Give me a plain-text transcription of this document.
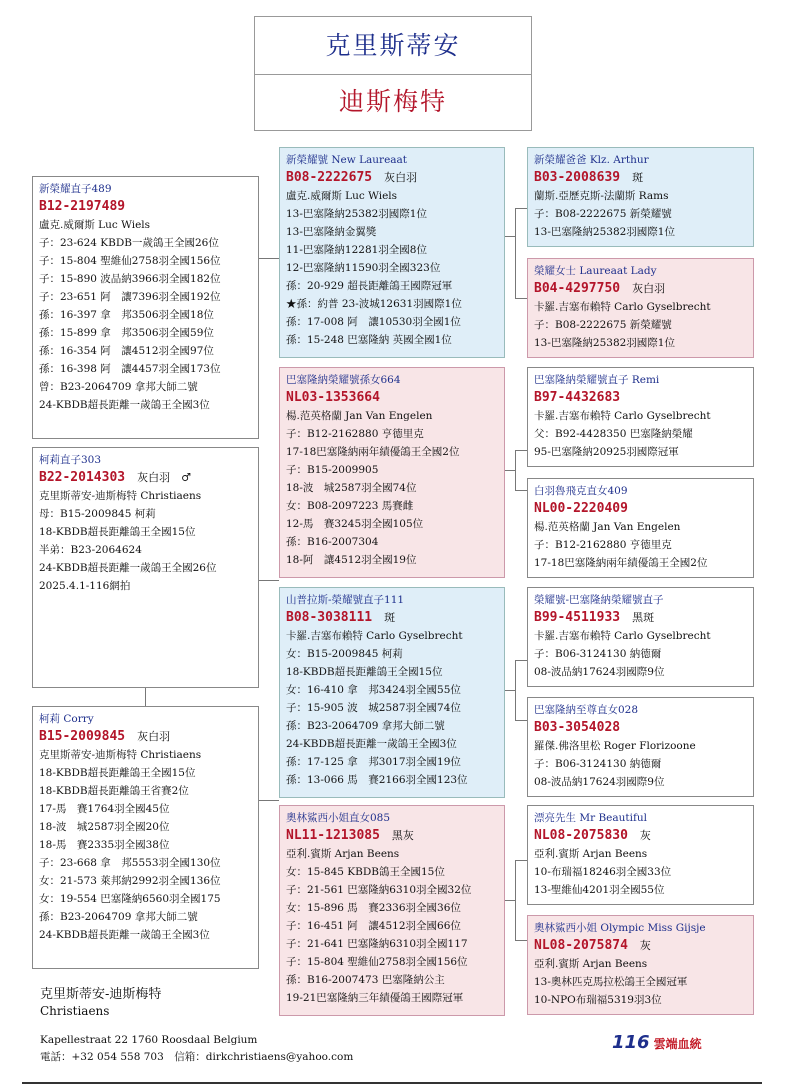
克里斯蒂安
迪斯梅特
新榮耀直子489
B12-2197489
盧克.威爾斯 Luc Wiels
子：23-624 KBDB一歲鴿王全國26位
子：15-804 聖維仙2758羽全國156位
子：15-890 波品納3966羽全國182位
子：23-651 阿　讓7396羽全國192位
孫：16-397 拿　邦3506羽全國18位
孫：15-899 拿　邦3506羽全國59位
孫：16-354 阿　讓4512羽全國97位
孫：16-398 阿　讓4457羽全國173位
曾：B23-2064709 拿邦大師二號
24-KBDB超長距離一歲鴿王全國3位
柯莉直子303
B22-2014303 灰白羽　♂
克里斯蒂安-迪斯梅特 Christiaens
母：B15-2009845 柯莉
18-KBDB超長距離鴿王全國15位
半弟：B23-2064624
24-KBDB超長距離一歲鴿王全國26位
2025.4.1-116網拍
柯莉 Corry
B15-2009845 灰白羽
克里斯蒂安-迪斯梅特 Christiaens
18-KBDB超長距離鴿王全國15位
18-KBDB超長距離鴿王省賽2位
17-馬　賽1764羽全國45位
18-波　城2587羽全國20位
18-馬　賽2335羽全國38位
子：23-668 拿　邦5553羽全國130位
女：21-573 萊邦納2992羽全國136位
女：19-554 巴塞隆納6560羽全國175
孫：B23-2064709 拿邦大師二號
24-KBDB超長距離一歲鴿王全國3位
新榮耀號 New Laureaat
B08-2222675 灰白羽
盧克.威爾斯 Luc Wiels
13-巴塞隆納25382羽國際1位
13-巴塞隆納金翼獎
11-巴塞隆納12281羽全國8位
12-巴塞隆納11590羽全國323位
孫：20-929 超長距離鴿王國際冠軍
★孫：約普 23-波城12631羽國際1位
孫：17-008 阿　讓10530羽全國1位
孫：15-248 巴塞隆納 英國全國1位
巴塞隆納榮耀號孫女664
NL03-1353664
楊.范英格蘭 Jan Van Engelen
子：B12-2162880 亨德里克
17-18巴塞隆納兩年績優鴿王全國2位
子：B15-2009905
18-波　城2587羽全國74位
女：B08-2097223 馬賽雌
12-馬　賽3245羽全國105位
孫：B16-2007304
18-阿　讓4512羽全國19位
山普拉斯-榮耀號直子111
B08-3038111 斑
卡羅.吉塞布賴特 Carlo Gyselbrecht
女：B15-2009845 柯莉
18-KBDB超長距離鴿王全國15位
女：16-410 拿　邦3424羽全國55位
子：15-905 波　城2587羽全國74位
孫：B23-2064709 拿邦大師二號
24-KBDB超長距離一歲鴿王全國3位
孫：17-125 拿　邦3017羽全國19位
孫：13-066 馬　賽2166羽全國123位
奧林鯊西小姐直女085
NL11-1213085 黑灰
亞利.賓斯 Arjan Beens
女：15-845 KBDB鴿王全國15位
子：21-561 巴塞隆納6310羽全國32位
女：15-896 馬　賽2336羽全國36位
子：16-451 阿　讓4512羽全國66位
子：21-641 巴塞隆納6310羽全國117
子：15-804 聖維仙2758羽全國156位
孫：B16-2007473 巴塞隆納公主
19-21巴塞隆納三年績優鴿王國際冠軍
新榮耀爸爸 Klz. Arthur
B03-2008639 斑
蘭斯.亞歷克斯-法蘭斯 Rams
子：B08-2222675 新榮耀號
13-巴塞隆納25382羽國際1位
榮耀女士 Laureaat Lady
B04-4297750 灰白羽
卡羅.吉塞布賴特 Carlo Gyselbrecht
子：B08-2222675 新榮耀號
13-巴塞隆納25382羽國際1位
巴塞隆納榮耀號直子 Remi
B97-4432683
卡羅.吉塞布賴特 Carlo Gyselbrecht
父：B92-4428350 巴塞隆納榮耀
95-巴塞隆納20925羽國際冠軍
白羽魯飛克直女409
NL00-2220409
楊.范英格蘭 Jan Van Engelen
子：B12-2162880 亨德里克
17-18巴塞隆納兩年績優鴿王全國2位
榮耀號-巴塞隆納榮耀號直子
B99-4511933 黑斑
卡羅.吉塞布賴特 Carlo Gyselbrecht
子：B06-3124130 納德爾
08-波品納17624羽國際9位
巴塞隆納至尊直女028
B03-3054028
羅傑.佛洛里松 Roger Florizoone
子：B06-3124130 納德爾
08-波品納17624羽國際9位
漂亮先生 Mr Beautiful
NL08-2075830 灰
亞利.賓斯 Arjan Beens
10-布瑞福18246羽全國33位
13-聖維仙4201羽全國55位
奧林鯊西小姐 Olympic Miss Gijsje
NL08-2075874 灰
亞利.賓斯 Arjan Beens
13-奧林匹克馬拉松鴿王全國冠軍
10-NPO布瑞福5319羽3位
克里斯蒂安-迪斯梅特
Christiaens
Kapellestraat 22 1760 Roosdaal Belgium
電話：+32 054 558 703　信箱：dirkchristiaens@yahoo.com
116 雲端血統
